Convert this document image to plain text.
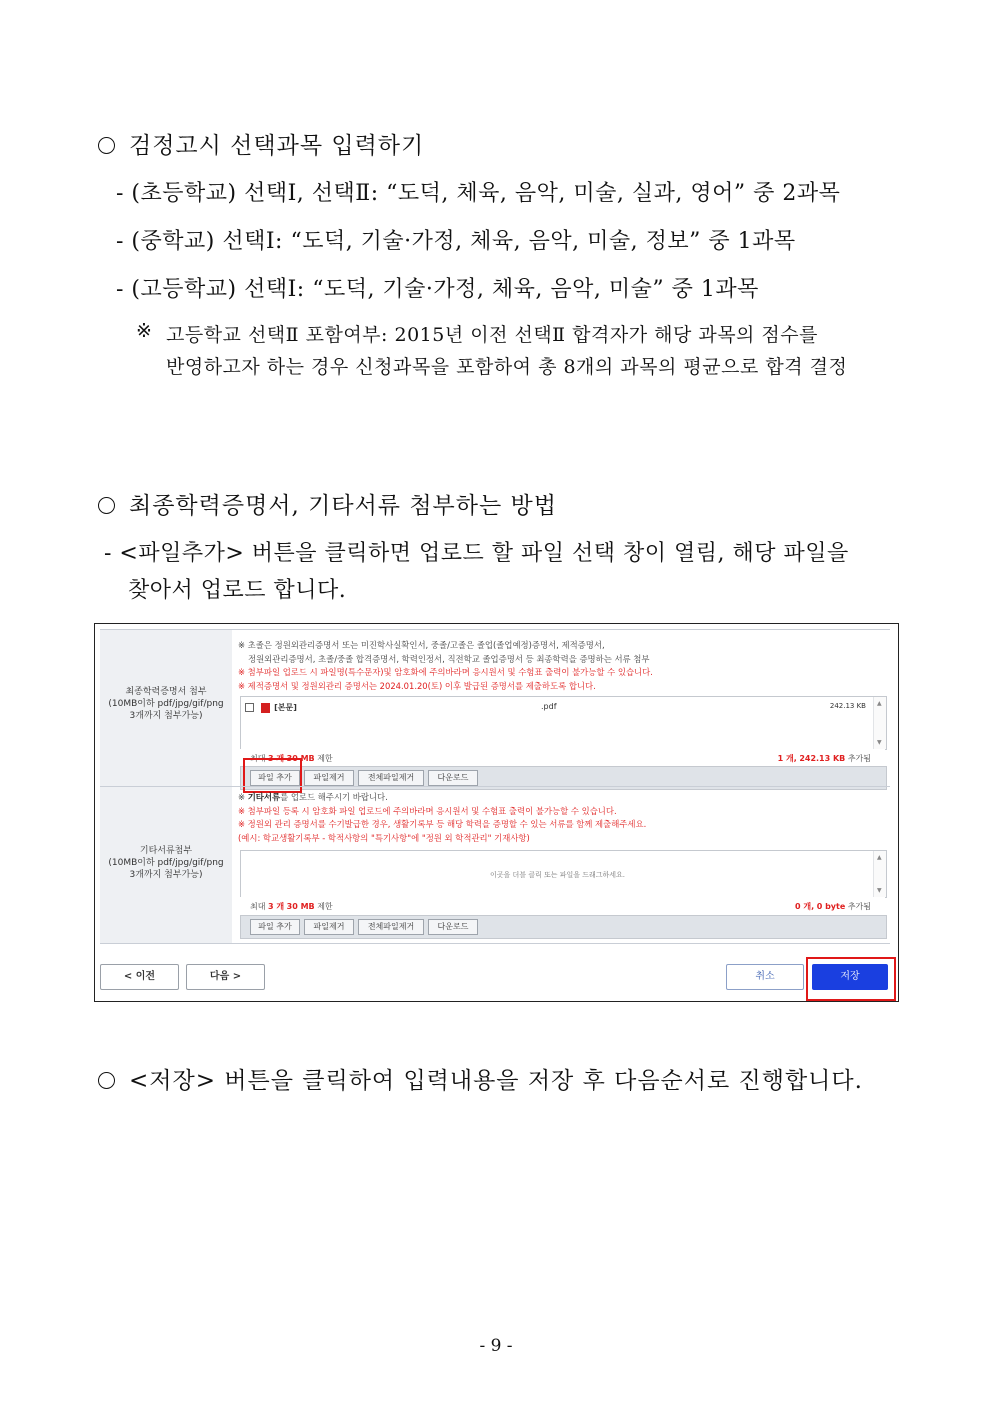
검정고시 선택과목 입력하기
- (초등학교) 선택Ⅰ, 선택Ⅱ: “도덕, 체육, 음악, 미술, 실과, 영어” 중 2과목
- (중학교) 선택Ⅰ: “도덕, 기술·가정, 체육, 음악, 미술, 정보” 중 1과목
- (고등학교) 선택Ⅰ: “도덕, 기술·가정, 체육, 음악, 미술” 중 1과목
※ 고등학교 선택Ⅱ 포함여부: 2015년 이전 선택Ⅱ 합격자가 해당 과목의 점수를
반영하고자 하는 경우 신청과목을 포함하여 총 8개의 과목의 평균으로 합격 결정
최종학력증명서, 기타서류 첨부하는 방법
- <파일추가> 버튼을 클릭하면 업로드 할 파일 선택 창이 열림, 해당 파일을
찾아서 업로드 합니다.
최종학력증명서 첨부
(10MB이하 pdf/jpg/gif/png
3개까지 첨부가능)
※ 초졸은 정원외관리증명서 또는 미진학사실확인서, 중졸/고졸은 졸업(졸업예정)증명서, 제적증명서,
정원외관리증명서, 초졸/중졸 합격증명서, 학력인정서, 직전학교 졸업증명서 등 최종학력을 증명하는 서류 첨부
※ 첨부파일 업로드 시 파일명(특수문자)및 암호화에 주의바라며 응시원서 및 수험표 출력이 불가능할 수 있습니다.
※ 제적증명서 및 정원외관리 증명서는 2024.01.20(토) 이후 발급된 증명서를 제출하도록 합니다.
[본문]	.pdf	242.13 KB ▲
▼
최대 3 개 30 MB 제한	1 개, 242.13 KB 추가됨
파일 추가	파일제거	전체파일제거	다운로드
기타서류첨부
(10MB이하 pdf/jpg/gif/png
3개까지 첨부가능)
※ 기타서류를 업로드 해주시기 바랍니다.
※ 첨부파일 등록 시 암호화 파일 업로드에 주의바라며 응시원서 및 수험표 출력이 불가능할 수 있습니다.
※ 정원외 관리 증명서를 수기발급한 경우, 생활기록부 등 해당 학력을 증명할 수 있는 서류를 함께 제출해주세요.
(예시: 학교생활기록부 - 학적사항의 "특기사항"에 "정원 외 학적관리" 기재사항)
이곳을 더블 클릭 또는 파일을 드래그하세요.
▲
▼
최대 3 개 30 MB 제한	0 개, 0 byte 추가됨
파일 추가	파일제거	전체파일제거	다운로드
< 이전	다음 >	취소	저장
<저장> 버튼을 클릭하여 입력내용을 저장 후 다음순서로 진행합니다.
- 9 -
